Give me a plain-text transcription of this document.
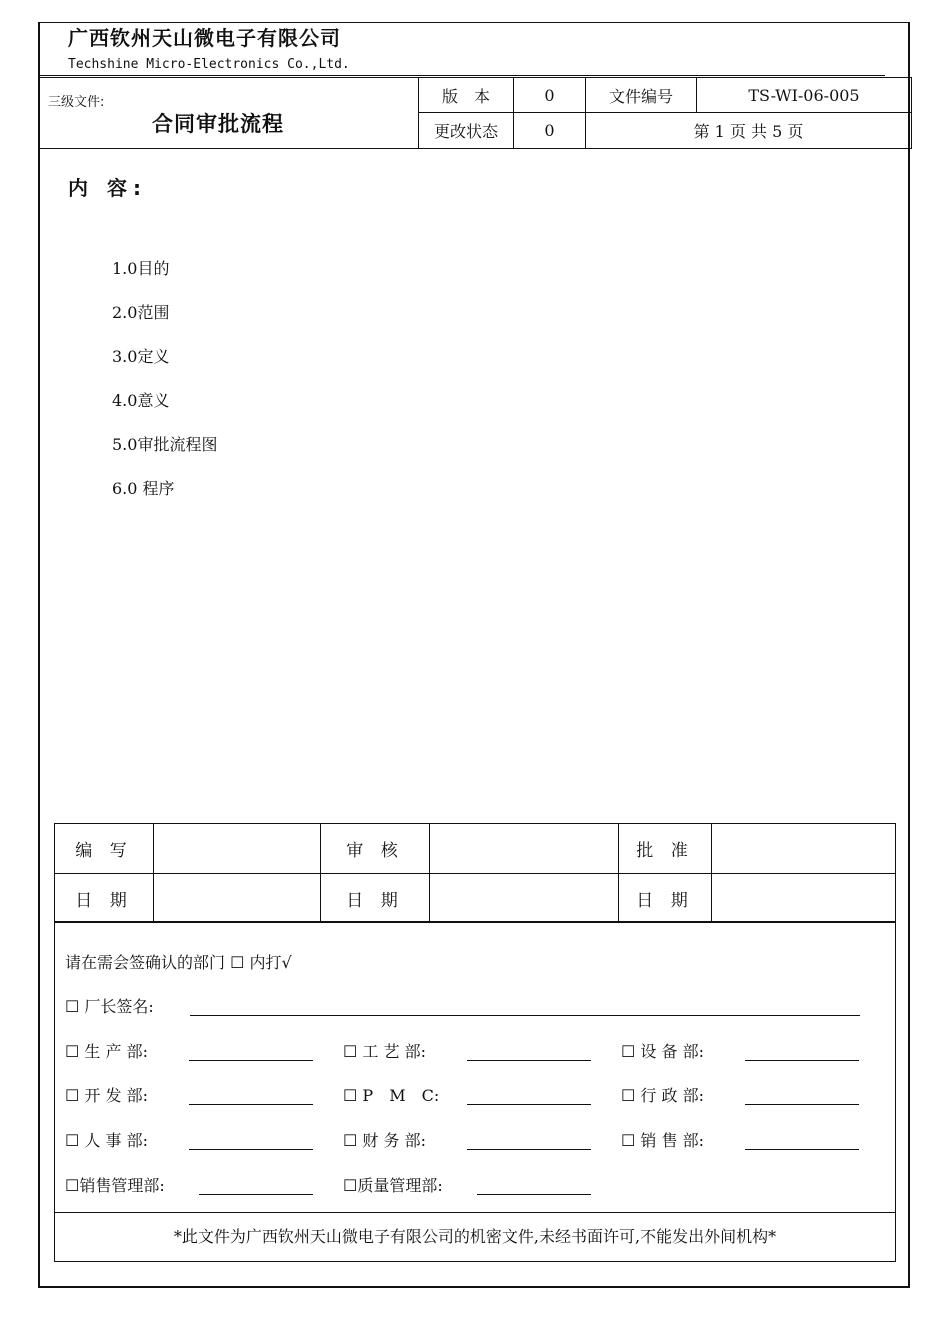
广西钦州天山微电子有限公司
Techshine Micro-Electronics Co.,Ltd.
三级文件:
合同审批流程	版　本	0	文件编号	TS-WI-06-005
	更改状态	0	第 1 页 共 5 页	
内 容:
1.0目的
2.0范围
3.0定义
4.0意义
5.0审批流程图
6.0 程序
编 写		审 核		批 准	
日 期		日 期		日 期	
请在需会签确认的部门 ☐ 内打√
☐ 厂长签名:
☐ 生 产 部:	☐ 工 艺 部:	☐ 设 备 部:
☐ 开 发 部:	☐ P　M　C:	☐ 行 政 部:
☐ 人 事 部:	☐ 财 务 部:	☐ 销 售 部:
☐销售管理部:	☐质量管理部:
*此文件为广西钦州天山微电子有限公司的机密文件,未经书面许可,不能发出外间机构*
